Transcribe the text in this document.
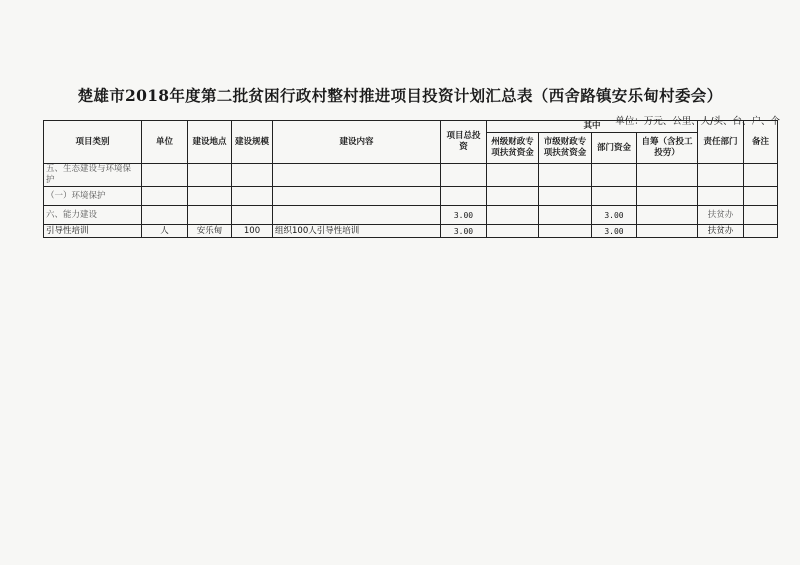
楚雄市2018年度第二批贫困行政村整村推进项目投资计划汇总表（西舍路镇安乐甸村委会）
单位：万元、公里、人/头、台、户、个
项目类别	单位	建设地点	建设规模	建设内容	项目总投资	其中				责任部门	备注
						州级财政专项扶贫资金	市级财政专项扶贫资金	部门资金	自筹（含投工投劳）		
五、生态建设与环境保护											
（一）环境保护											
六、能力建设					3.00			3.00		扶贫办	
引导性培训	人	安乐甸	100	组织100人引导性培训	3.00			3.00		扶贫办	
